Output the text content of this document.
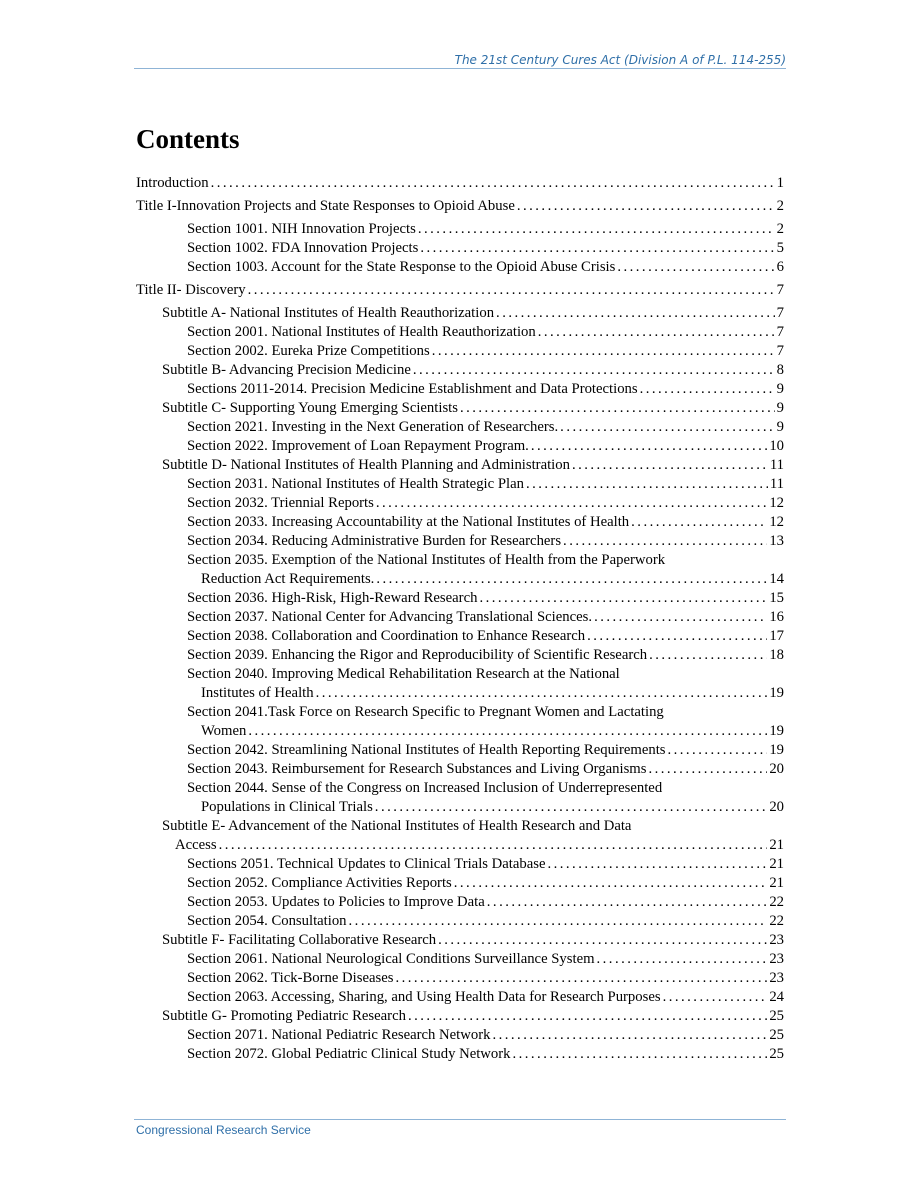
The 21st Century Cures Act (Division A of P.L. 114-255)
Contents
Introduction . . .	1
Title I-Innovation Projects and State Responses to Opioid Abuse . . .	2
Section 1001. NIH Innovation Projects . . .	2
Section 1002. FDA Innovation Projects . . .	5
Section 1003. Account for the State Response to the Opioid Abuse Crisis . . .	6
Title II- Discovery . . .	7
Subtitle A- National Institutes of Health Reauthorization . . .	7
Section 2001. National Institutes of Health Reauthorization . . .	7
Section 2002. Eureka Prize Competitions . . .	7
Subtitle B- Advancing Precision Medicine . . .	8
Sections 2011-2014. Precision Medicine Establishment and Data Protections . . .	9
Subtitle C- Supporting Young Emerging Scientists . . .	9
Section 2021. Investing in the Next Generation of Researchers. . . .	9
Section 2022. Improvement of Loan Repayment Program. . . .	10
Subtitle D- National Institutes of Health Planning and Administration . . .	11
Section 2031. National Institutes of Health Strategic Plan . . .	11
Section 2032. Triennial Reports . . .	12
Section 2033. Increasing Accountability at the National Institutes of Health . . .	12
Section 2034. Reducing Administrative Burden for Researchers . . .	13
Section 2035. Exemption of the National Institutes of Health from the Paperwork
Reduction Act Requirements. . . .	14
Section 2036. High-Risk, High-Reward Research . . .	15
Section 2037. National Center for Advancing Translational Sciences. . . .	16
Section 2038. Collaboration and Coordination to Enhance Research . . .	17
Section 2039. Enhancing the Rigor and Reproducibility of Scientific Research . . .	18
Section 2040. Improving Medical Rehabilitation Research at the National
Institutes of Health . . .	19
Section 2041.Task Force on Research Specific to Pregnant Women and Lactating
Women . . .	19
Section 2042. Streamlining National Institutes of Health Reporting Requirements . . .	19
Section 2043. Reimbursement for Research Substances and Living Organisms . . .	20
Section 2044. Sense of the Congress on Increased Inclusion of Underrepresented
Populations in Clinical Trials . . .	20
Subtitle E- Advancement of the National Institutes of Health Research and Data
Access . . .	21
Sections 2051. Technical Updates to Clinical Trials Database . . .	21
Section 2052. Compliance Activities Reports . . .	21
Section 2053. Updates to Policies to Improve Data . . .	22
Section 2054. Consultation . . .	22
Subtitle F- Facilitating Collaborative Research . . .	23
Section 2061. National Neurological Conditions Surveillance System . . .	23
Section 2062. Tick-Borne Diseases . . .	23
Section 2063. Accessing, Sharing, and Using Health Data for Research Purposes . . .	24
Subtitle G- Promoting Pediatric Research . . .	25
Section 2071. National Pediatric Research Network . . .	25
Section 2072. Global Pediatric Clinical Study Network . . .	25
Congressional Research Service
